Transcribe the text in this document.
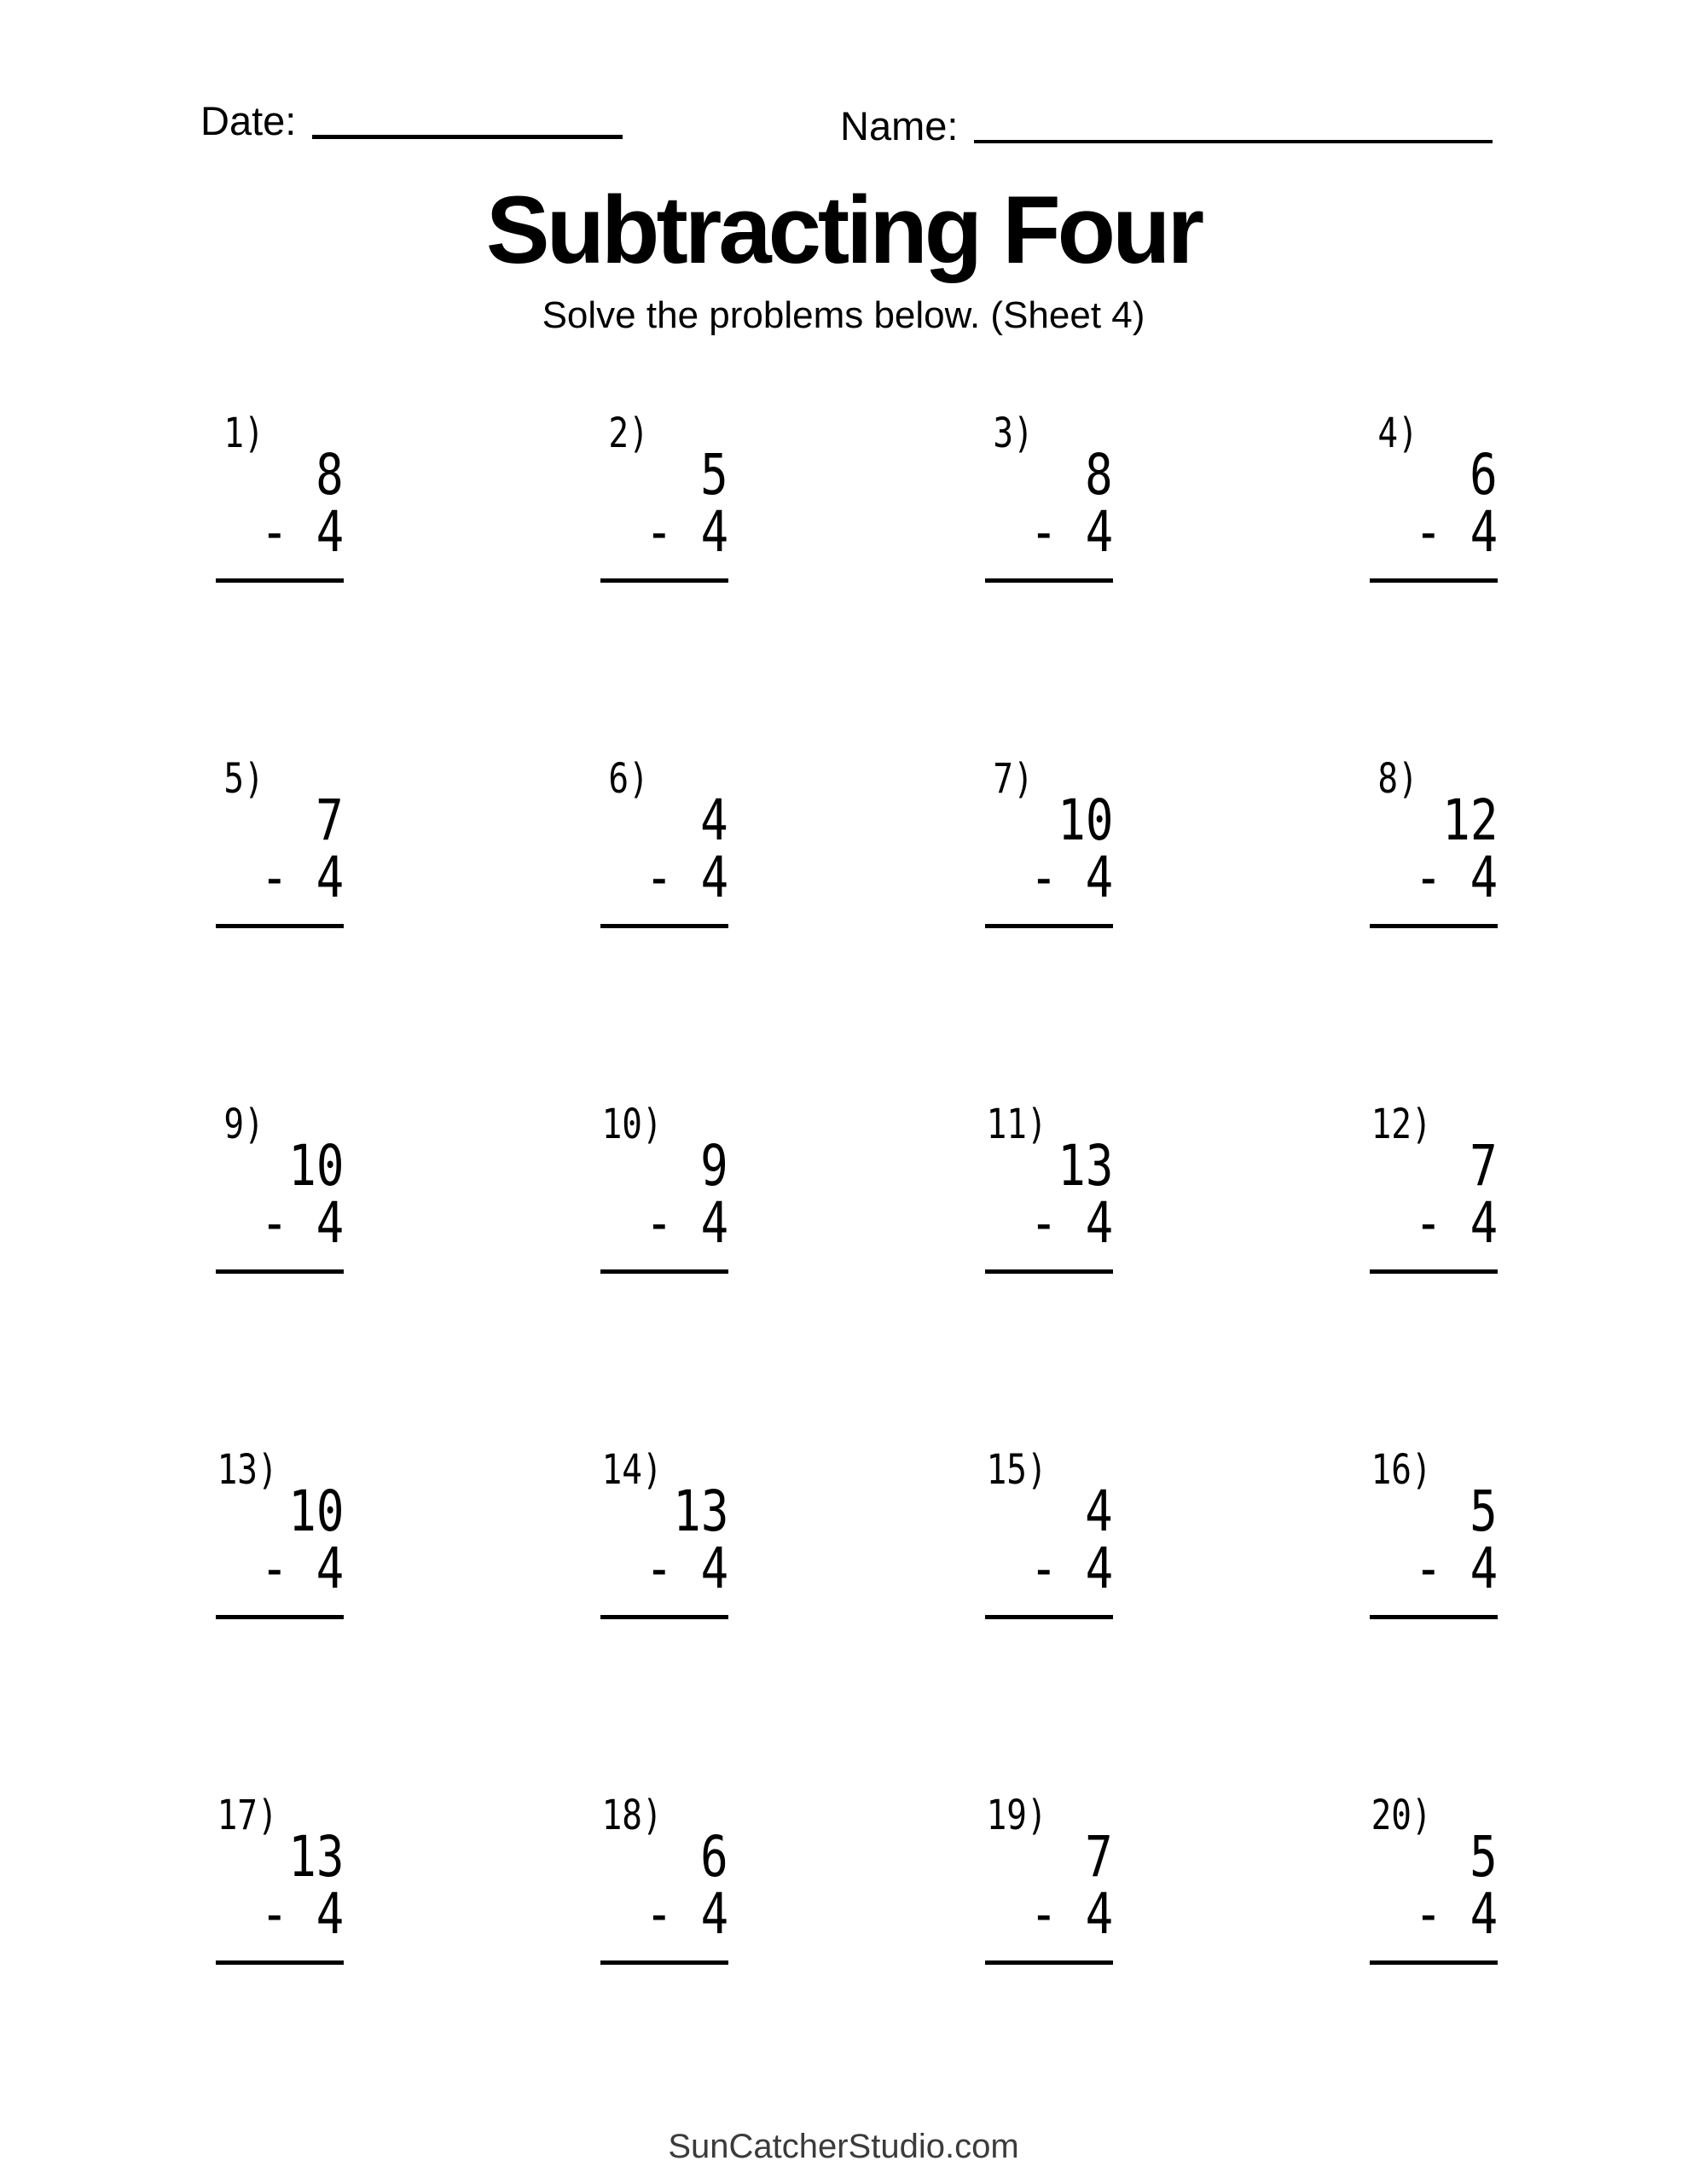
Date:	Name:
Subtracting Four
Solve the problems below. (Sheet 4)
1)
8
- 4
2)
5
- 4
3)
8
- 4
4)
6
- 4
5)
7
- 4
6)
4
- 4
7)
10
- 4
8)
12
- 4
9)
10
- 4
10)
9
- 4
11)
13
- 4
12)
7
- 4
13)
10
- 4
14)
13
- 4
15)
4
- 4
16)
5
- 4
17)
13
- 4
18)
6
- 4
19)
7
- 4
20)
5
- 4
SunCatcherStudio.com
